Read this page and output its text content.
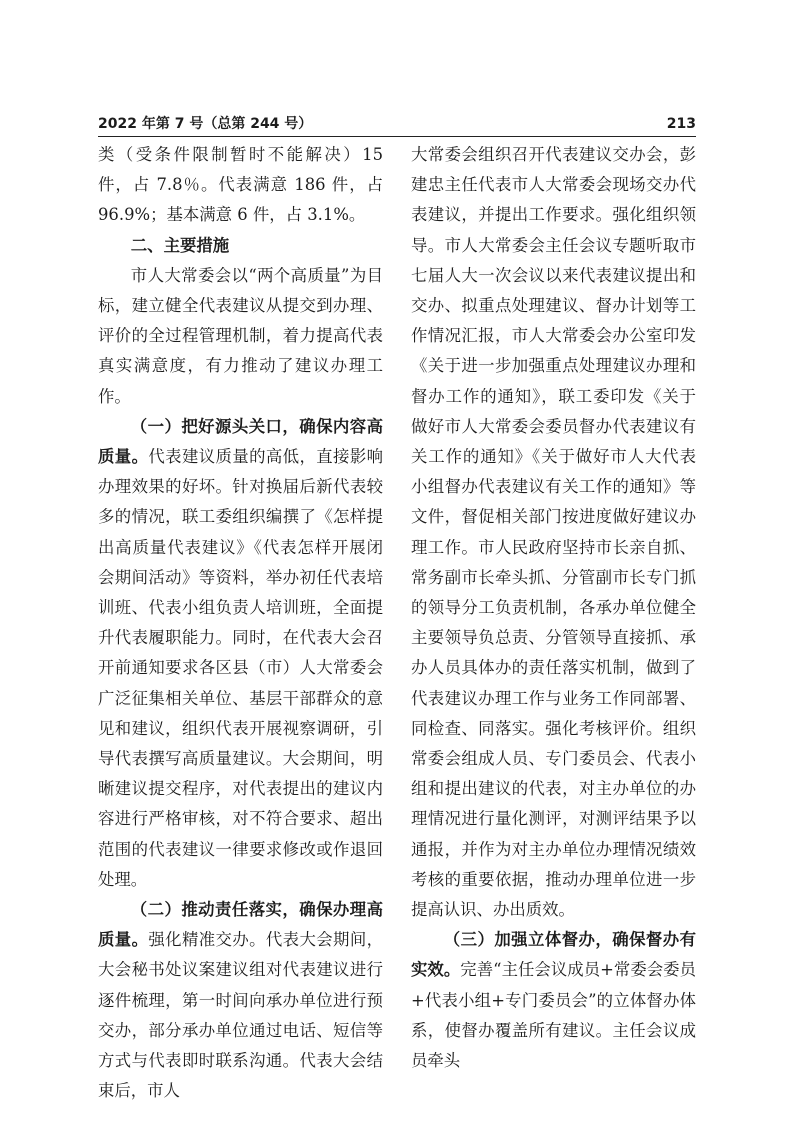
2022 年第 7 号（总第 244 号）	213

类（受条件限制暂时不能解决）15 件，占 7.8％。代表满意 186 件，占 96.9%；基本满意 6 件，占 3.1%。

二、主要措施

市人大常委会以“两个高质量”为目标，建立健全代表建议从提交到办理、评价的全过程管理机制，着力提高代表真实满意度，有力推动了建议办理工作。

（一）把好源头关口，确保内容高质量。代表建议质量的高低，直接影响办理效果的好坏。针对换届后新代表较多的情况，联工委组织编撰了《怎样提出高质量代表建议》《代表怎样开展闭会期间活动》等资料，举办初任代表培训班、代表小组负责人培训班，全面提升代表履职能力。同时，在代表大会召开前通知要求各区县（市）人大常委会广泛征集相关单位、基层干部群众的意见和建议，组织代表开展视察调研，引导代表撰写高质量建议。大会期间，明晰建议提交程序，对代表提出的建议内容进行严格审核，对不符合要求、超出范围的代表建议一律要求修改或作退回处理。

（二）推动责任落实，确保办理高质量。强化精准交办。代表大会期间，大会秘书处议案建议组对代表建议进行逐件梳理，第一时间向承办单位进行预交办，部分承办单位通过电话、短信等方式与代表即时联系沟通。代表大会结束后，市人

大常委会组织召开代表建议交办会，彭建忠主任代表市人大常委会现场交办代表建议，并提出工作要求。强化组织领导。市人大常委会主任会议专题听取市七届人大一次会议以来代表建议提出和交办、拟重点处理建议、督办计划等工作情况汇报，市人大常委会办公室印发《关于进一步加强重点处理建议办理和督办工作的通知》，联工委印发《关于做好市人大常委会委员督办代表建议有关工作的通知》《关于做好市人大代表小组督办代表建议有关工作的通知》等文件，督促相关部门按进度做好建议办理工作。市人民政府坚持市长亲自抓、常务副市长牵头抓、分管副市长专门抓的领导分工负责机制，各承办单位健全主要领导负总责、分管领导直接抓、承办人员具体办的责任落实机制，做到了代表建议办理工作与业务工作同部署、同检查、同落实。强化考核评价。组织常委会组成人员、专门委员会、代表小组和提出建议的代表，对主办单位的办理情况进行量化测评，对测评结果予以通报，并作为对主办单位办理情况绩效考核的重要依据，推动办理单位进一步提高认识、办出质效。

（三）加强立体督办，确保督办有实效。完善“主任会议成员+常委会委员+代表小组+专门委员会”的立体督办体系，使督办覆盖所有建议。主任会议成员牵头
